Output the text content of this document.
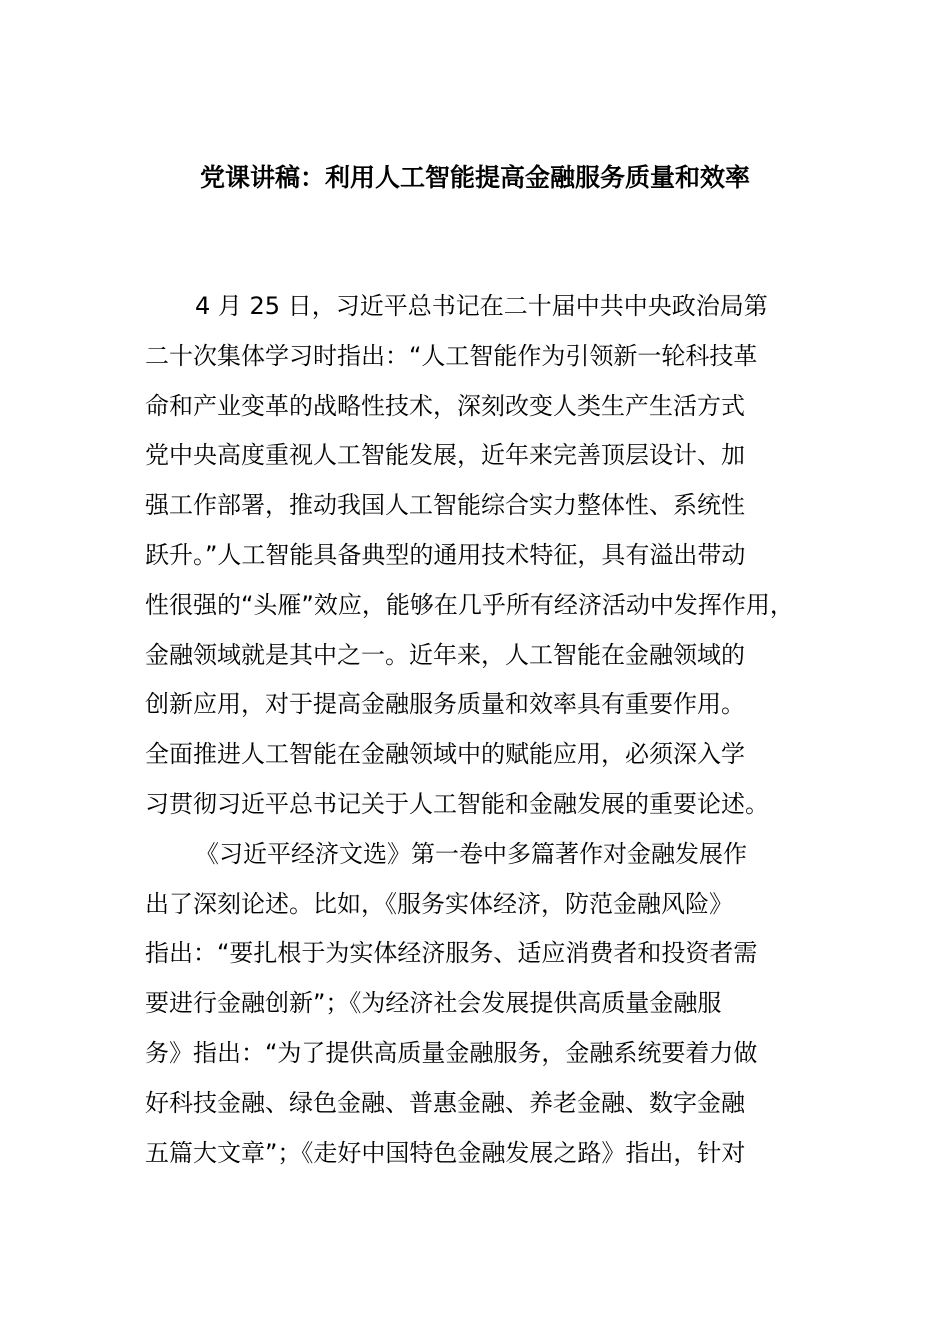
党课讲稿：利用人工智能提高金融服务质量和效率
4 月 25 日，习近平总书记在二十届中共中央政治局第
二十次集体学习时指出：“人工智能作为引领新一轮科技革
命和产业变革的战略性技术，深刻改变人类生产生活方式
党中央高度重视人工智能发展，近年来完善顶层设计、加
强工作部署，推动我国人工智能综合实力整体性、系统性
跃升。”人工智能具备典型的通用技术特征，具有溢出带动
性很强的“头雁”效应，能够在几乎所有经济活动中发挥作用，
金融领域就是其中之一。近年来，人工智能在金融领域的
创新应用，对于提高金融服务质量和效率具有重要作用。
全面推进人工智能在金融领域中的赋能应用，必须深入学
习贯彻习近平总书记关于人工智能和金融发展的重要论述。
《习近平经济文选》第一卷中多篇著作对金融发展作
出了深刻论述。比如，《服务实体经济，防范金融风险》
指出：“要扎根于为实体经济服务、适应消费者和投资者需
要进行金融创新”；《为经济社会发展提供高质量金融服
务》指出：“为了提供高质量金融服务，金融系统要着力做
好科技金融、绿色金融、普惠金融、养老金融、数字金融
五篇大文章”；《走好中国特色金融发展之路》指出，针对
